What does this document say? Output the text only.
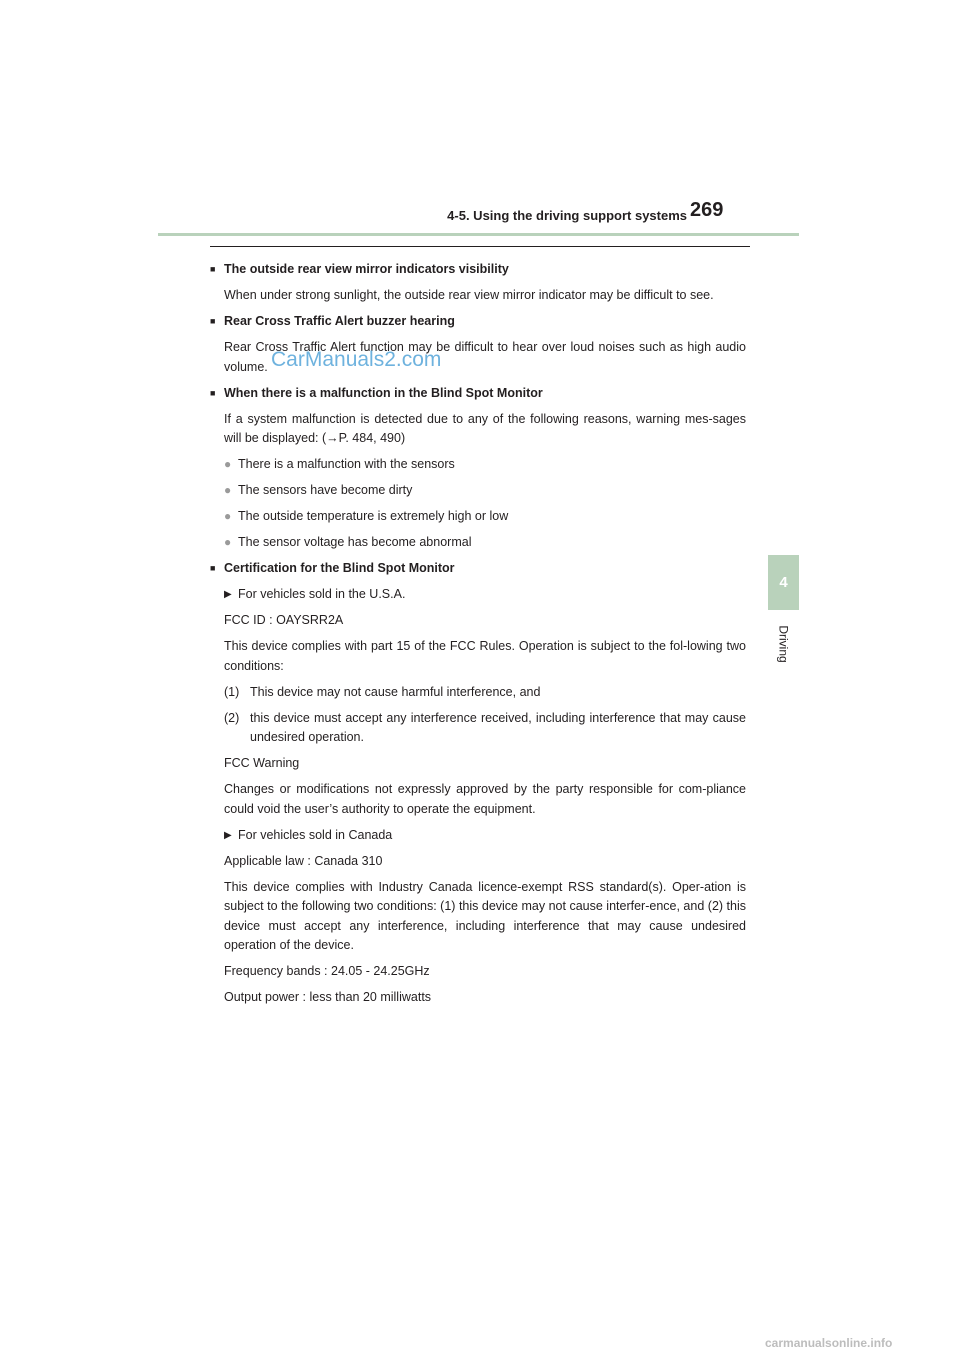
4-5. Using the driving support systems 269
4
Driving
■ The outside rear view mirror indicators visibility
When under strong sunlight, the outside rear view mirror indicator may be difficult to see.
■ Rear Cross Traffic Alert buzzer hearing
Rear Cross Traffic Alert function may be difficult to hear over loud noises such as high audio volume.
■ When there is a malfunction in the Blind Spot Monitor
If a system malfunction is detected due to any of the following reasons, warning mes-sages will be displayed: (→P. 484, 490)
● There is a malfunction with the sensors
● The sensors have become dirty
● The outside temperature is extremely high or low
● The sensor voltage has become abnormal
■ Certification for the Blind Spot Monitor
▶ For vehicles sold in the U.S.A.
FCC ID : OAYSRR2A
This device complies with part 15 of the FCC Rules. Operation is subject to the fol-lowing two conditions:
(1) This device may not cause harmful interference, and
(2) this device must accept any interference received, including interference that may cause undesired operation.
FCC Warning
Changes or modifications not expressly approved by the party responsible for com-pliance could void the user’s authority to operate the equipment.
▶ For vehicles sold in Canada
Applicable law : Canada 310
This device complies with Industry Canada licence-exempt RSS standard(s). Oper-ation is subject to the following two conditions: (1) this device may not cause interfer-ence, and (2) this device must accept any interference, including interference that may cause undesired operation of the device.
Frequency bands : 24.05 - 24.25GHz
Output power : less than 20 milliwatts
CarManuals2.com
carmanualsonline.info
